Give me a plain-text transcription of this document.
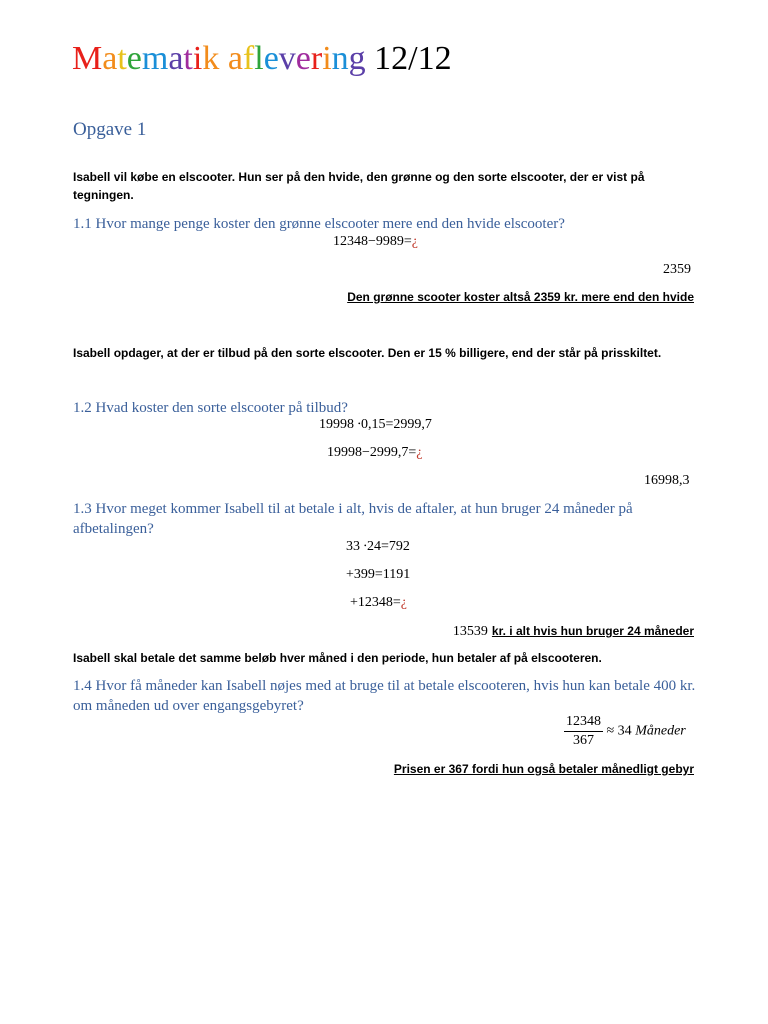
Matematik aflevering 12/12
Opgave 1
Isabell vil købe en elscooter. Hun ser på den hvide, den grønne og den sorte elscooter, der er vist på tegningen.
1.1 Hvor mange penge koster den grønne elscooter mere end den hvide elscooter?
12348−9989=¿
2359
Den grønne scooter koster altså 2359 kr. mere end den hvide
Isabell opdager, at der er tilbud på den sorte elscooter. Den er 15 % billigere, end der står på prisskiltet.
1.2 Hvad koster den sorte elscooter på tilbud?
19998 ∙0,15=2999,7
19998−2999,7=¿
16998,3
1.3 Hvor meget kommer Isabell til at betale i alt, hvis de aftaler, at hun bruger 24 måneder på afbetalingen?
33 ∙24=792
+399=1191
+12348=¿
13539 kr. i alt hvis hun bruger 24 måneder
Isabell skal betale det samme beløb hver måned i den periode, hun betaler af på elscooteren.
1.4 Hvor få måneder kan Isabell nøjes med at bruge til at betale elscooteren, hvis hun kan betale 400 kr. om måneden ud over engangsgebyret?
$\frac{12348}{367} \approx 34$ Måneder
Prisen er 367 fordi hun også betaler månedligt gebyr
